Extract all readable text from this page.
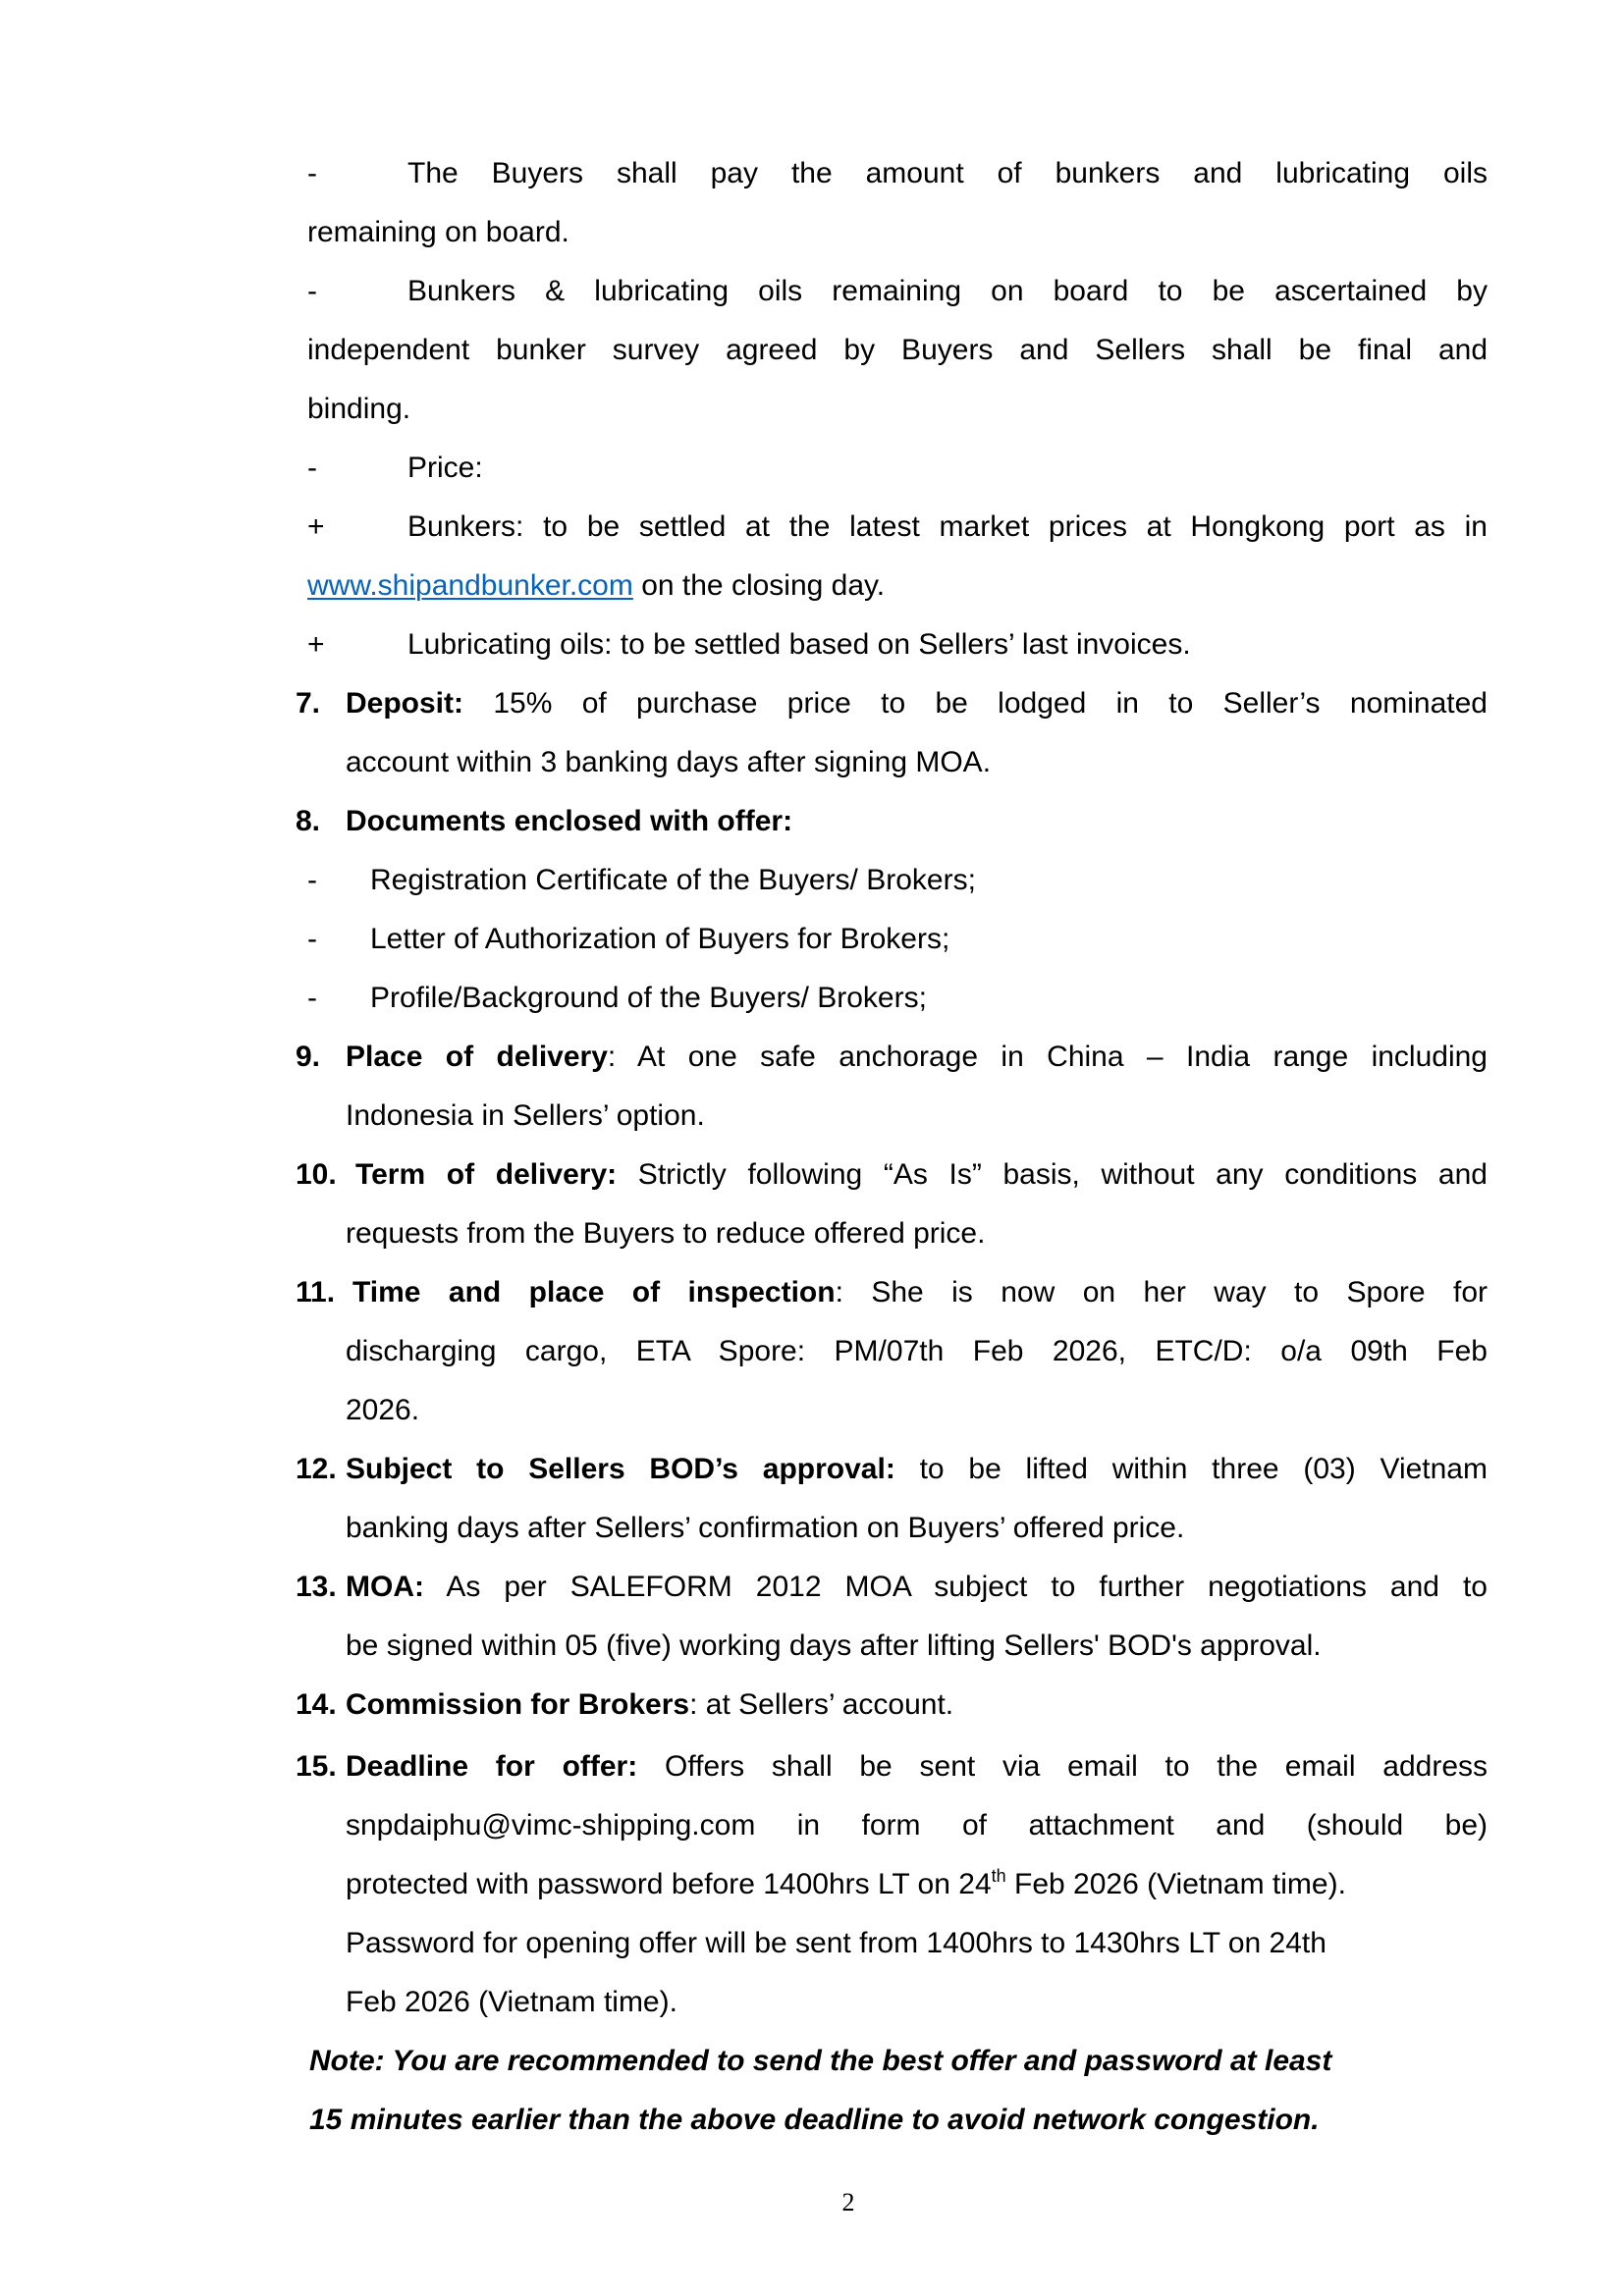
-	The Buyers shall pay the amount of bunkers and lubricating oils
remaining on board.
-	Bunkers & lubricating oils remaining on board to be ascertained by
independent bunker survey agreed by Buyers and Sellers shall be final and
binding.
-	Price:
+	Bunkers: to be settled at the latest market prices at Hongkong port as in
www.shipandbunker.com on the closing day.
+	Lubricating oils: to be settled based on Sellers’ last invoices.
7. Deposit: 15% of purchase price to be lodged in to Seller’s nominated
account within 3 banking days after signing MOA.
8. Documents enclosed with offer:
- Registration Certificate of the Buyers/ Brokers;
- Letter of Authorization of Buyers for Brokers;
- Profile/Background of the Buyers/ Brokers;
9. Place of delivery: At one safe anchorage in China – India range including
Indonesia in Sellers’ option.
10. Term of delivery: Strictly following “As Is” basis, without any conditions and
requests from the Buyers to reduce offered price.
11. Time and place of inspection: She is now on her way to Spore for
discharging cargo, ETA Spore: PM/07th Feb 2026, ETC/D: o/a 09th Feb
2026.
12. Subject to Sellers BOD’s approval: to be lifted within three (03) Vietnam
banking days after Sellers’ confirmation on Buyers’ offered price.
13. MOA: As per SALEFORM 2012 MOA subject to further negotiations and to
be signed within 05 (five) working days after lifting Sellers' BOD's approval.
14. Commission for Brokers: at Sellers’ account.
15. Deadline for offer: Offers shall be sent via email to the email address
snpdaiphu@vimc-shipping.com in form of attachment and (should be)
protected with password before 1400hrs LT on 24th Feb 2026 (Vietnam time).
Password for opening offer will be sent from 1400hrs to 1430hrs LT on 24th
Feb 2026 (Vietnam time).
Note: You are recommended to send the best offer and password at least
15 minutes earlier than the above deadline to avoid network congestion.
2
